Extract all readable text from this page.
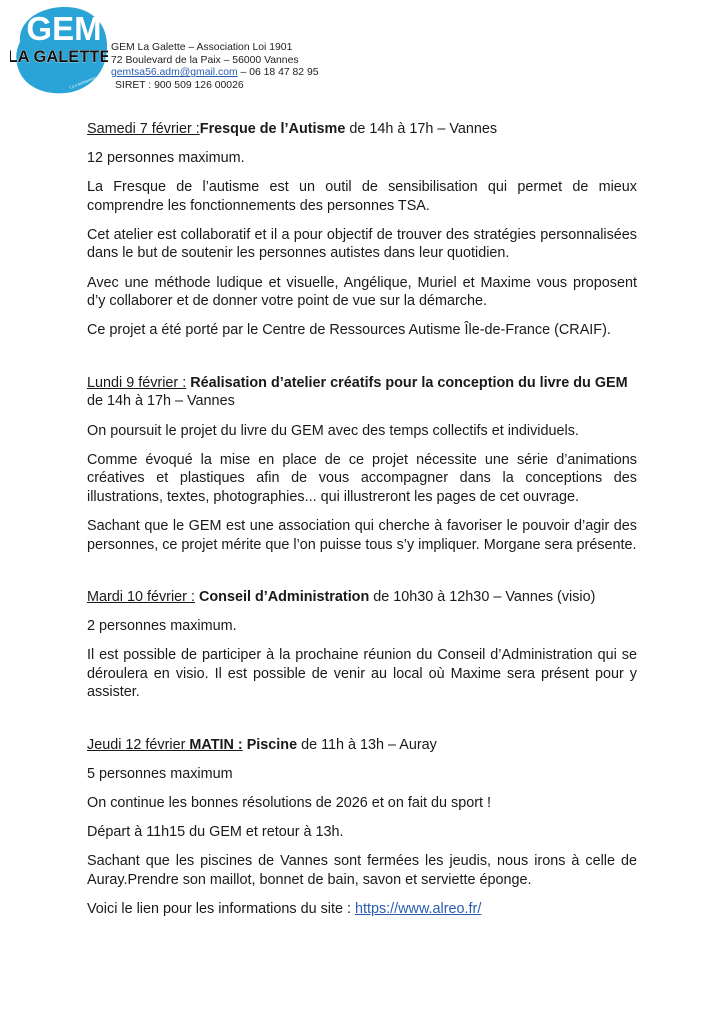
GEM
LA GALETTE
T.S.A MORBIHAN
GEM La Galette – Association Loi 1901
72 Boulevard de la Paix – 56000 Vannes
gemtsa56.adm@gmail.com – 06 18 47 82 95
SIRET : 900 509 126 00026
Samedi 7 février :Fresque de l’Autisme de 14h à 17h – Vannes

12 personnes maximum.

La Fresque de l’autisme est un outil de sensibilisation qui permet de mieux comprendre les fonctionnements des personnes TSA.

Cet atelier est collaboratif et il a pour objectif de trouver des stratégies personnalisées dans le but de soutenir les personnes autistes dans leur quotidien.

Avec une méthode ludique et visuelle, Angélique, Muriel et Maxime vous proposent d’y collaborer et de donner votre point de vue sur la démarche.

Ce projet a été porté par le Centre de Ressources Autisme Île-de-France (CRAIF).

Lundi 9 février : Réalisation d’atelier créatifs pour la conception du livre du GEM de 14h à 17h – Vannes

On poursuit le projet du livre du GEM avec des temps collectifs et individuels.

Comme évoqué la mise en place de ce projet nécessite une série d’animations créatives et plastiques afin de vous accompagner dans la conceptions des illustrations, textes, photographies... qui illustreront les pages de cet ouvrage.

Sachant que le GEM est une association qui cherche à favoriser le pouvoir d’agir des personnes, ce projet mérite que l’on puisse tous s’y impliquer. Morgane sera présente.

Mardi 10 février : Conseil d’Administration de 10h30 à 12h30 – Vannes (visio)

2 personnes maximum.

Il est possible de participer à la prochaine réunion du Conseil d’Administration qui se déroulera en visio. Il est possible de venir au local où Maxime sera présent pour y assister.

Jeudi 12 février MATIN : Piscine de 11h à 13h – Auray

5 personnes maximum

On continue les bonnes résolutions de 2026 et on fait du sport !

Départ à 11h15 du GEM et retour à 13h.

Sachant que les piscines de Vannes sont fermées les jeudis, nous irons à celle de Auray.Prendre son maillot, bonnet de bain, savon et serviette éponge.

Voici le lien pour les informations du site : https://www.alreo.fr/
